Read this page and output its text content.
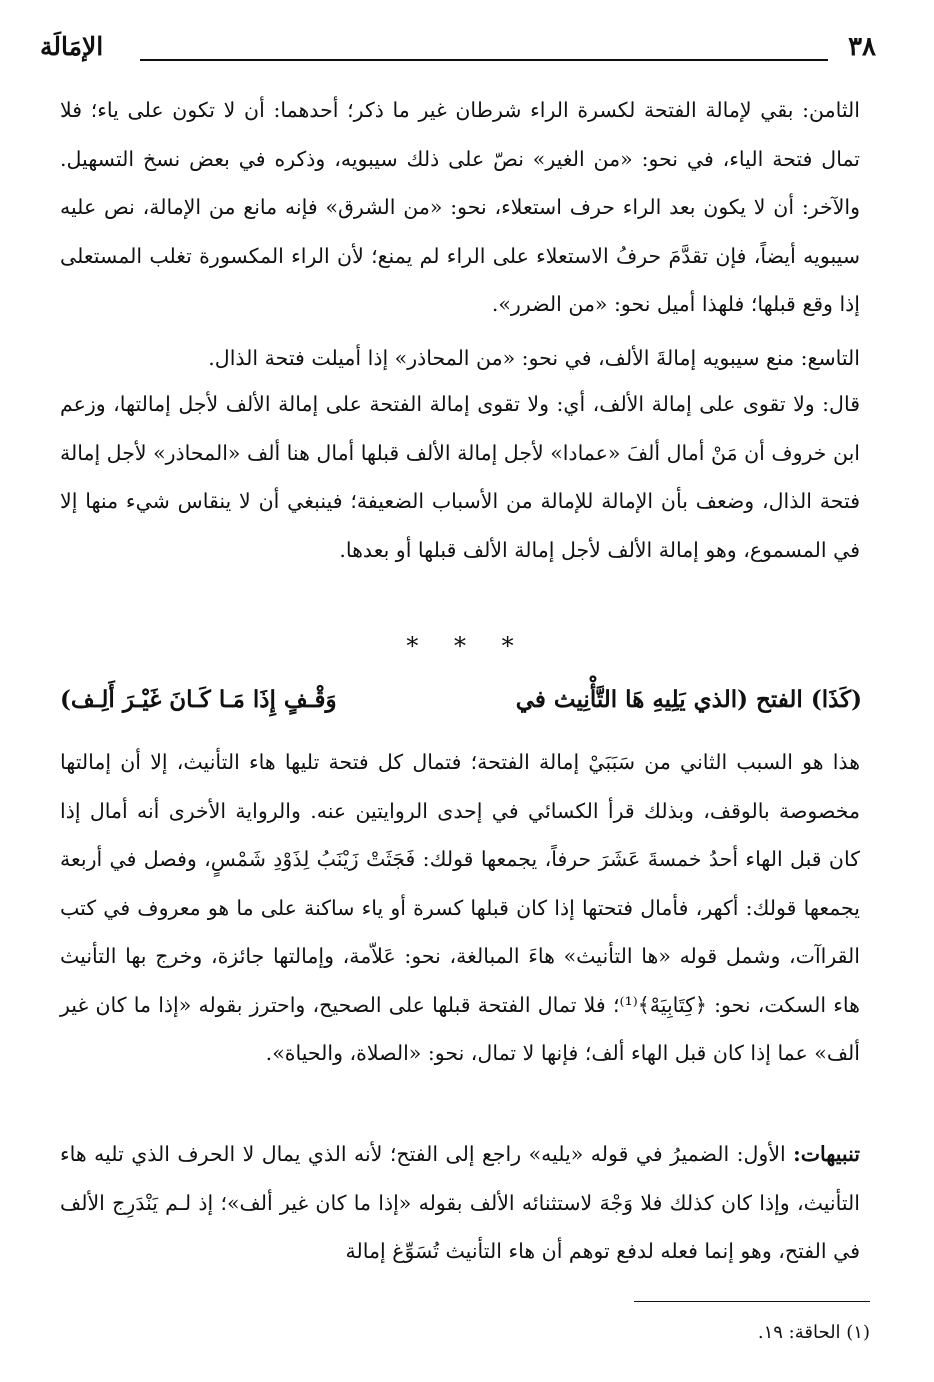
٣٨
الإمَالَة

الثامن: بقي لإمالة الفتحة لكسرة الراء شرطان غير ما ذكر؛ أحدهما: أن لا تكون على ياء؛ فلا تمال فتحة الياء، في نحو: «من الغير» نصّ على ذلك سيبويه، وذكره في بعض نسخ التسهيل. والآخر: أن لا يكون بعد الراء حرف استعلاء، نحو: «من الشرق» فإنه مانع من الإمالة، نص عليه سيبويه أيضاً، فإن تقدَّمَ حرفُ الاستعلاء على الراء لم يمنع؛ لأن الراء المكسورة تغلب المستعلى إذا وقع قبلها؛ فلهذا أميل نحو: «من الضرر».

التاسع: منع سيبويه إمالةَ الألف، في نحو: «من المحاذر» إذا أميلت فتحة الذال.

قال: ولا تقوى على إمالة الألف، أي: ولا تقوى إمالة الفتحة على إمالة الألف لأجل إمالتها، وزعم ابن خروف أن مَنْ أمال ألفَ «عمادا» لأجل إمالة الألف قبلها أمال هنا ألف «المحاذر» لأجل إمالة فتحة الذال، وضعف بأن الإمالة للإمالة من الأسباب الضعيفة؛ فينبغي أن لا ينقاس شيء منها إلا في المسموع، وهو إمالة الألف لأجل إمالة الألف قبلها أو بعدها.

* * *
(كَذَا) الفتح (الذي يَلِيهِ هَا التَّأْنِيث في
وَقْـفٍ إِذَا مَـا كَـانَ غَيْـرَ أَلِـف)

هذا هو السبب الثاني من سَبَبَيْ إمالة الفتحة؛ فتمال كل فتحة تليها هاء التأنيث، إلا أن إمالتها مخصوصة بالوقف، وبذلك قرأ الكسائي في إحدى الروايتين عنه. والرواية الأخرى أنه أمال إذا كان قبل الهاء أحدُ خمسةَ عَشَرَ حرفاً، يجمعها قولك: فَجَثَتْ زَيْنَبُ لِذَوْدِ شَمْسٍ، وفصل في أربعة يجمعها قولك: أكهر، فأمال فتحتها إذا كان قبلها كسرة أو ياء ساكنة على ما هو معروف في كتب القراآت، وشمل قوله «ها التأنيث» هاءَ المبالغة، نحو: عَلاّمة، وإمالتها جائزة، وخرج بها التأنيث هاء السكت، نحو: ﴿كِتَابِيَهْ﴾⁽¹⁾؛ فلا تمال الفتحة قبلها على الصحيح، واحترز بقوله «إذا ما كان غير ألف» عما إذا كان قبل الهاء ألف؛ فإنها لا تمال، نحو: «الصلاة، والحياة».

تنبيهات: الأول: الضميرُ في قوله «يليه» راجع إلى الفتح؛ لأنه الذي يمال لا الحرف الذي تليه هاء التأنيث، وإذا كان كذلك فلا وَجْهَ لاستثنائه الألف بقوله «إذا ما كان غير ألف»؛ إذ لـم يَنْدَرِج الألف في الفتح، وهو إنما فعله لدفع توهم أن هاء التأنيث تُسَوِّغ إمالة

(١) الحاقة: ١٩.
